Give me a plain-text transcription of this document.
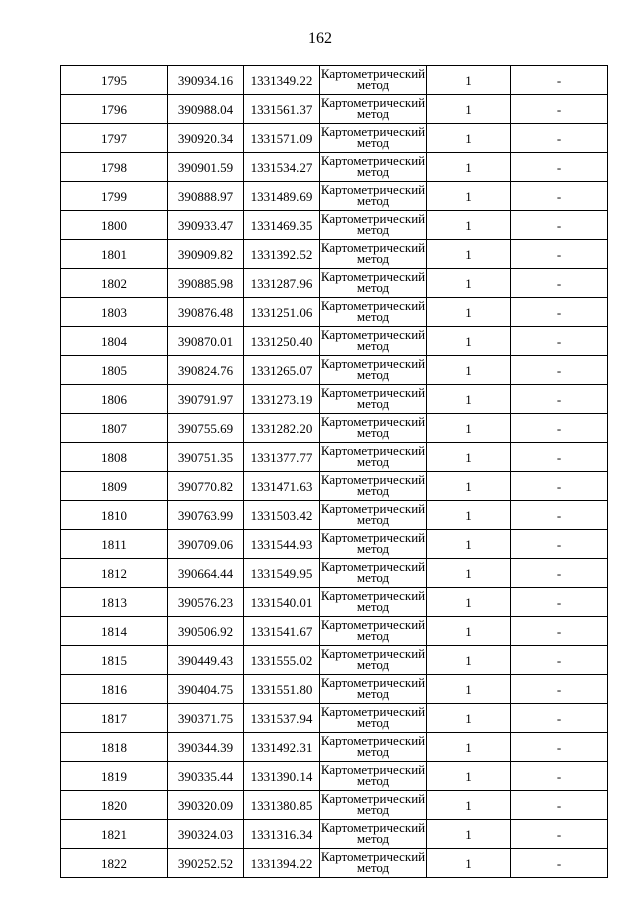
162
1795	390934.16	1331349.22	Картометрический метод	1	-
1796	390988.04	1331561.37	Картометрический метод	1	-
1797	390920.34	1331571.09	Картометрический метод	1	-
1798	390901.59	1331534.27	Картометрический метод	1	-
1799	390888.97	1331489.69	Картометрический метод	1	-
1800	390933.47	1331469.35	Картометрический метод	1	-
1801	390909.82	1331392.52	Картометрический метод	1	-
1802	390885.98	1331287.96	Картометрический метод	1	-
1803	390876.48	1331251.06	Картометрический метод	1	-
1804	390870.01	1331250.40	Картометрический метод	1	-
1805	390824.76	1331265.07	Картометрический метод	1	-
1806	390791.97	1331273.19	Картометрический метод	1	-
1807	390755.69	1331282.20	Картометрический метод	1	-
1808	390751.35	1331377.77	Картометрический метод	1	-
1809	390770.82	1331471.63	Картометрический метод	1	-
1810	390763.99	1331503.42	Картометрический метод	1	-
1811	390709.06	1331544.93	Картометрический метод	1	-
1812	390664.44	1331549.95	Картометрический метод	1	-
1813	390576.23	1331540.01	Картометрический метод	1	-
1814	390506.92	1331541.67	Картометрический метод	1	-
1815	390449.43	1331555.02	Картометрический метод	1	-
1816	390404.75	1331551.80	Картометрический метод	1	-
1817	390371.75	1331537.94	Картометрический метод	1	-
1818	390344.39	1331492.31	Картометрический метод	1	-
1819	390335.44	1331390.14	Картометрический метод	1	-
1820	390320.09	1331380.85	Картометрический метод	1	-
1821	390324.03	1331316.34	Картометрический метод	1	-
1822	390252.52	1331394.22	Картометрический метод	1	-
